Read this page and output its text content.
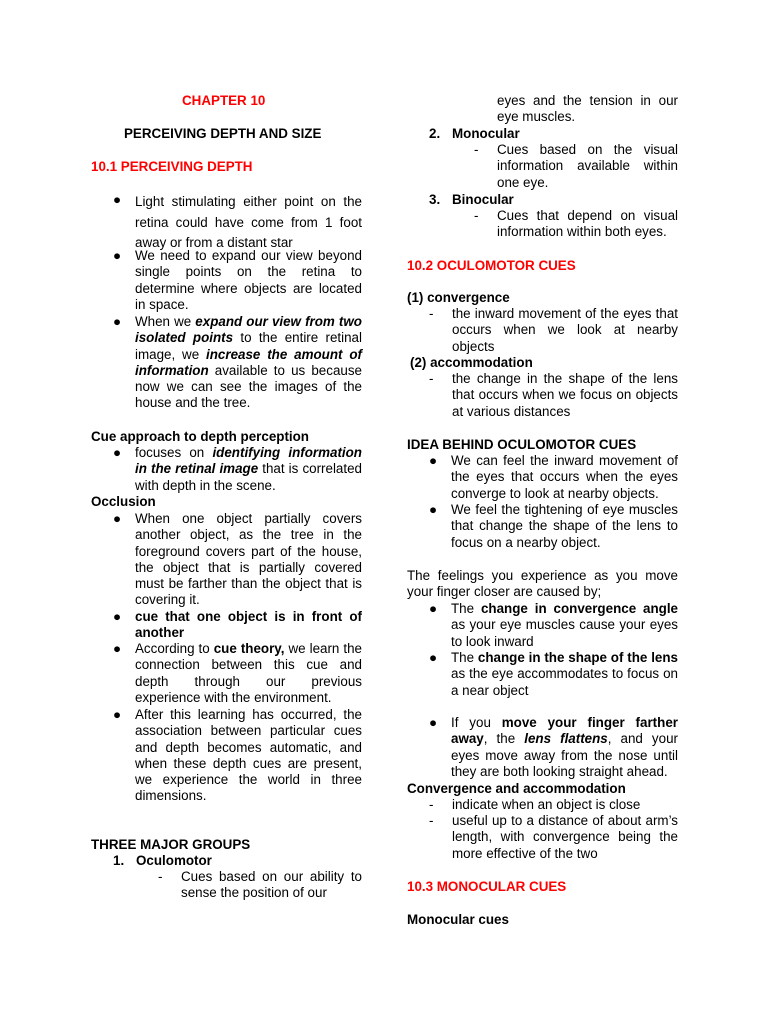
CHAPTER 10
PERCEIVING DEPTH AND SIZE
10.1 PERCEIVING DEPTH
● Light stimulating either point on the retina could have come from 1 foot away or from a distant star
● We need to expand our view beyond single points on the retina to determine where objects are located in space.
● When we expand our view from two isolated points to the entire retinal image, we increase the amount of information available to us because now we can see the images of the house and the tree.
Cue approach to depth perception
● focuses on identifying information in the retinal image that is correlated with depth in the scene.
Occlusion
● When one object partially covers another object, as the tree in the foreground covers part of the house, the object that is partially covered must be farther than the object that is covering it.
● cue that one object is in front of another
● According to cue theory, we learn the connection between this cue and depth through our previous experience with the environment.
● After this learning has occurred, the association between particular cues and depth becomes automatic, and when these depth cues are present, we experience the world in three dimensions.
THREE MAJOR GROUPS
1. Oculomotor
- Cues based on our ability to sense the position of our
eyes and the tension in our eye muscles.
2. Monocular
- Cues based on the visual information available within one eye.
3. Binocular
- Cues that depend on visual information within both eyes.
10.2 OCULOMOTOR CUES
(1) convergence
- the inward movement of the eyes that occurs when we look at nearby objects
(2) accommodation
- the change in the shape of the lens that occurs when we focus on objects at various distances
IDEA BEHIND OCULOMOTOR CUES
● We can feel the inward movement of the eyes that occurs when the eyes converge to look at nearby objects.
● We feel the tightening of eye muscles that change the shape of the lens to focus on a nearby object.
The feelings you experience as you move your finger closer are caused by;
● The change in convergence angle as your eye muscles cause your eyes to look inward
● The change in the shape of the lens as the eye accommodates to focus on a near object
● If you move your finger farther away, the lens flattens, and your eyes move away from the nose until they are both looking straight ahead.
Convergence and accommodation
- indicate when an object is close
- useful up to a distance of about arm’s length, with convergence being the more effective of the two
10.3 MONOCULAR CUES
Monocular cues
